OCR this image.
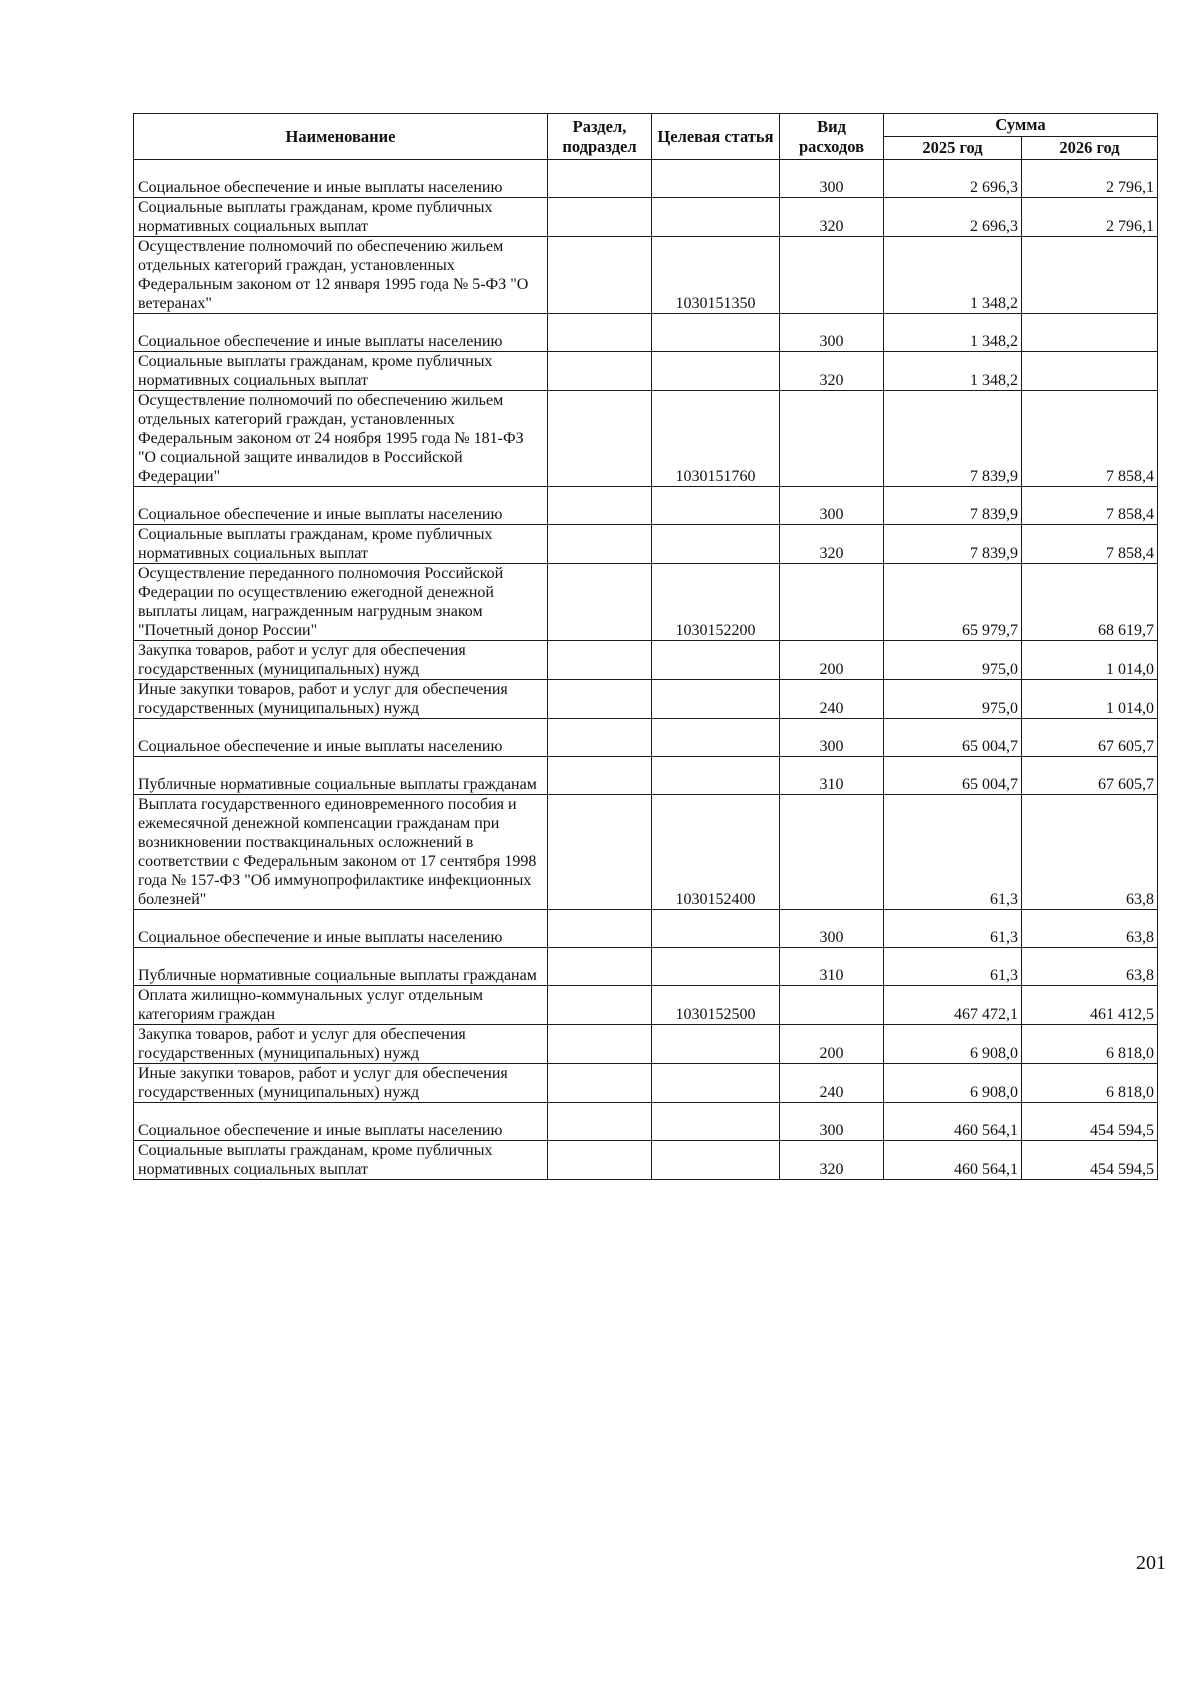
Наименование	Раздел, подраздел	Целевая статья	Вид расходов	Сумма	
				2025 год	2026 год
Социальное обеспечение и иные выплаты населению			300	2 696,3	2 796,1
Социальные выплаты гражданам, кроме публичных нормативных социальных выплат			320	2 696,3	2 796,1
Осуществление полномочий по обеспечению жильем отдельных категорий граждан, установленных Федеральным законом от 12 января 1995 года № 5-ФЗ "О ветеранах"		1030151350		1 348,2	
Социальное обеспечение и иные выплаты населению			300	1 348,2	
Социальные выплаты гражданам, кроме публичных нормативных социальных выплат			320	1 348,2	
Осуществление полномочий по обеспечению жильем отдельных категорий граждан, установленных Федеральным законом от 24 ноября 1995 года № 181-ФЗ "О социальной защите инвалидов в Российской Федерации"		1030151760		7 839,9	7 858,4
Социальное обеспечение и иные выплаты населению			300	7 839,9	7 858,4
Социальные выплаты гражданам, кроме публичных нормативных социальных выплат			320	7 839,9	7 858,4
Осуществление переданного полномочия Российской Федерации по осуществлению ежегодной денежной выплаты лицам, награжденным нагрудным знаком "Почетный донор России"		1030152200		65 979,7	68 619,7
Закупка товаров, работ и услуг для обеспечения государственных (муниципальных) нужд			200	975,0	1 014,0
Иные закупки товаров, работ и услуг для обеспечения государственных (муниципальных) нужд			240	975,0	1 014,0
Социальное обеспечение и иные выплаты населению			300	65 004,7	67 605,7
Публичные нормативные социальные выплаты гражданам			310	65 004,7	67 605,7
Выплата государственного единовременного пособия и ежемесячной денежной компенсации гражданам при возникновении поствакцинальных осложнений в соответствии с Федеральным законом от 17 сентября 1998 года № 157-ФЗ "Об иммунопрофилактике инфекционных болезней"		1030152400		61,3	63,8
Социальное обеспечение и иные выплаты населению			300	61,3	63,8
Публичные нормативные социальные выплаты гражданам			310	61,3	63,8
Оплата жилищно-коммунальных услуг отдельным категориям граждан		1030152500		467 472,1	461 412,5
Закупка товаров, работ и услуг для обеспечения государственных (муниципальных) нужд			200	6 908,0	6 818,0
Иные закупки товаров, работ и услуг для обеспечения государственных (муниципальных) нужд			240	6 908,0	6 818,0
Социальное обеспечение и иные выплаты населению			300	460 564,1	454 594,5
Социальные выплаты гражданам, кроме публичных нормативных социальных выплат			320	460 564,1	454 594,5
201
